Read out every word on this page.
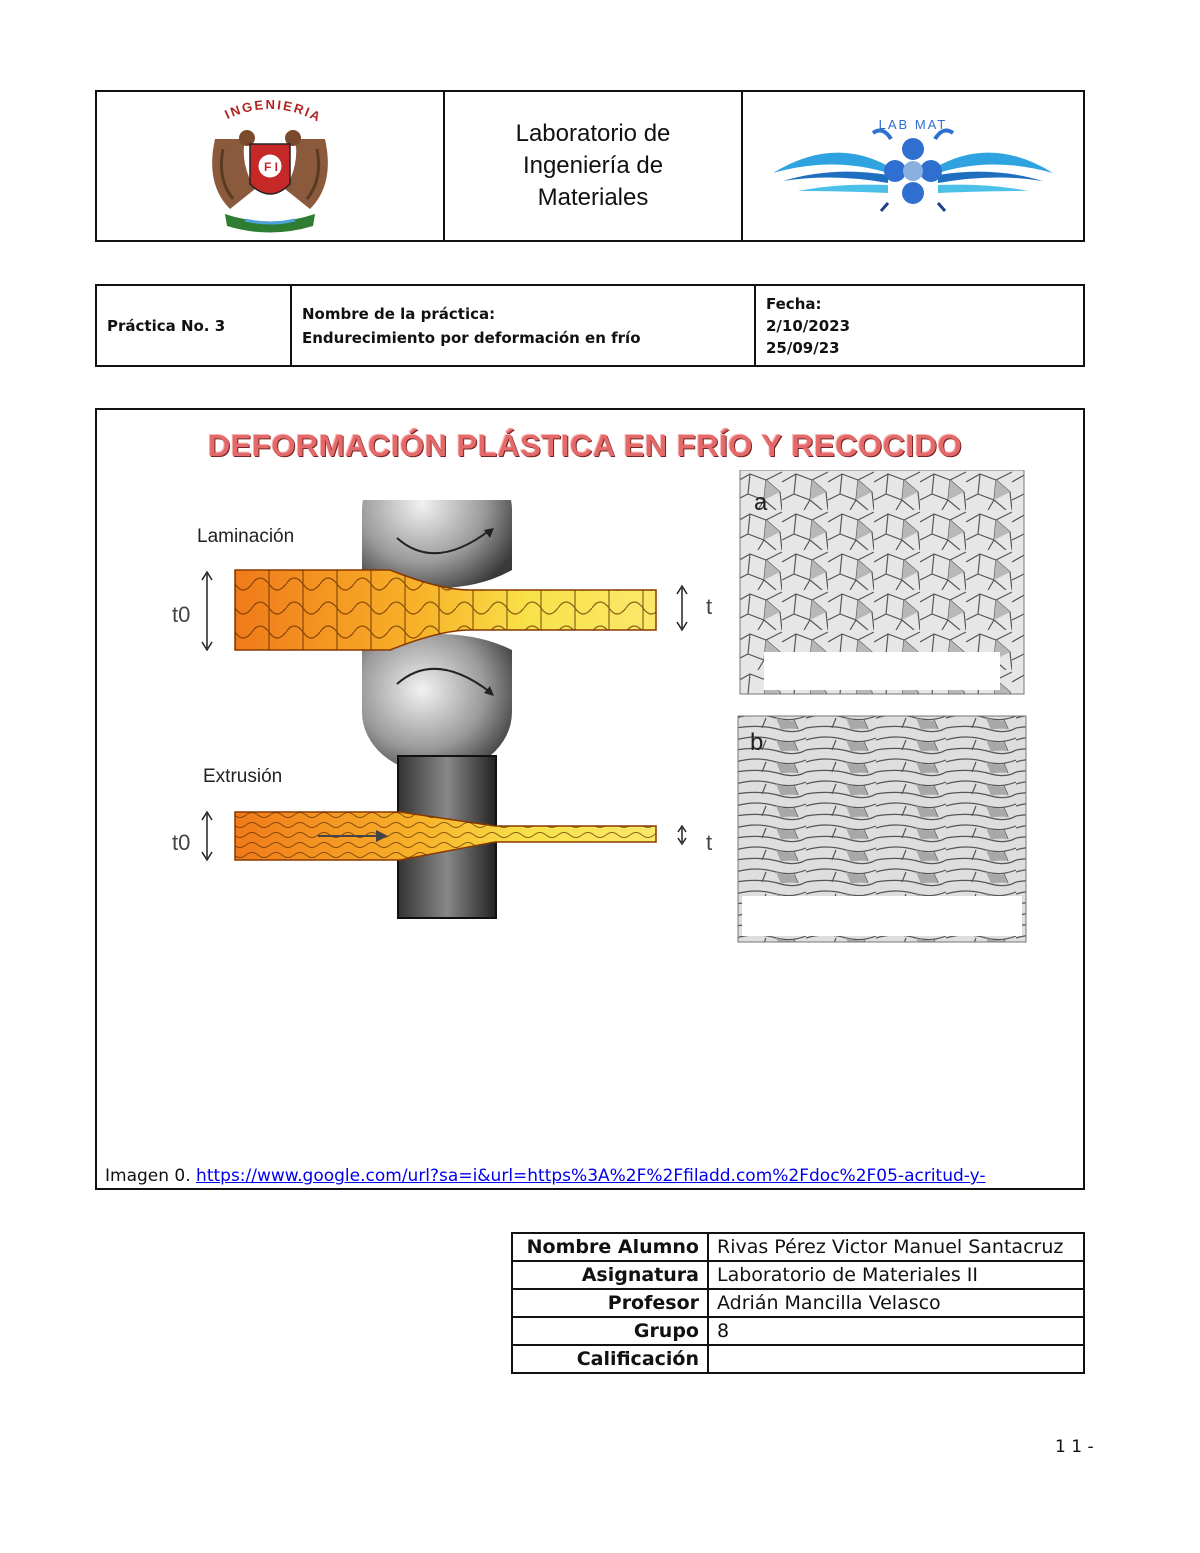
INGENIERIA
F I
Laboratorio de
Ingeniería de
Materiales
LAB MAT
Práctica No. 3
Nombre de la práctica:
Endurecimiento por deformación en frío
Fecha:
2/10/2023
25/09/23
DEFORMACIÓN PLÁSTICA EN FRÍO Y RECOCIDO
Laminación
t0	t
Extrusión
t0	t
a
b
Imagen 0. https://www.google.com/url?sa=i&url=https%3A%2F%2Ffiladd.com%2Fdoc%2F05-acritud-y-
Nombre Alumno	Rivas Pérez Victor Manuel Santacruz
Asignatura	Laboratorio de Materiales II
Profesor	Adrián Mancilla Velasco
Grupo	8
Calificación	
1 1 -
